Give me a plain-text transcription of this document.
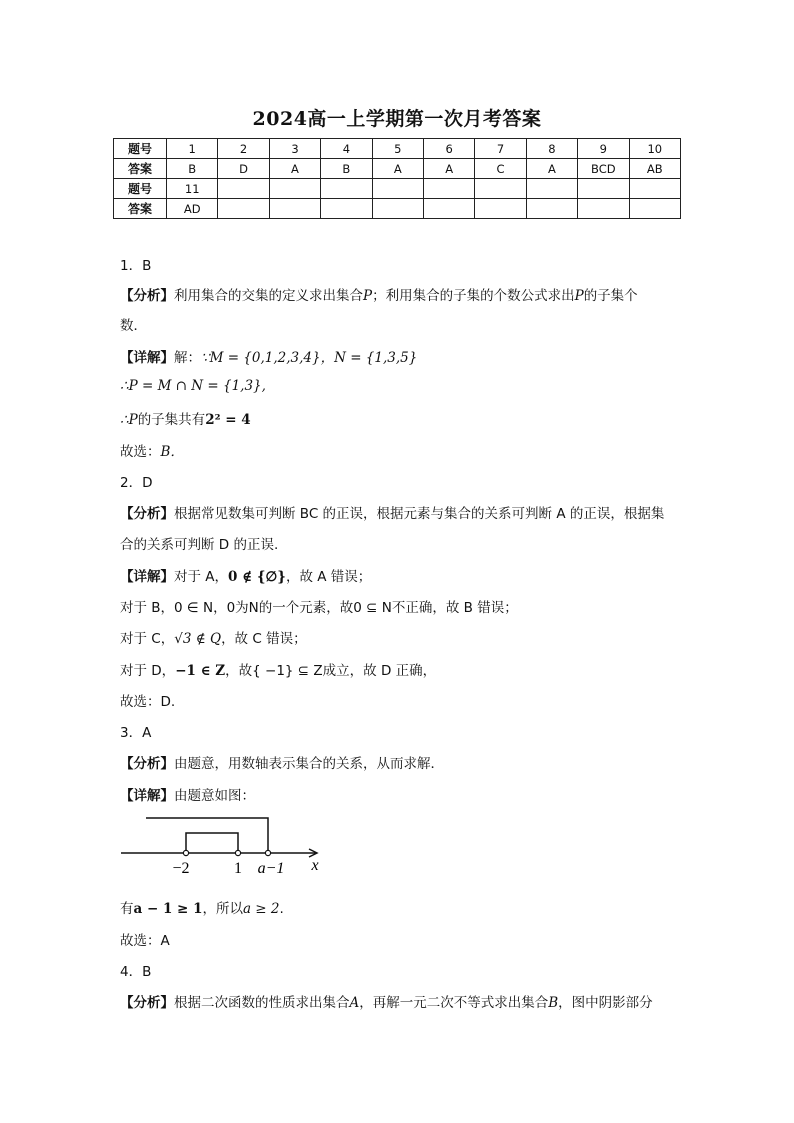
2024高一上学期第一次月考答案
题号	1	2	3	4	5	6	7	8	9	10
答案	B	D	A	B	A	A	C	A	BCD	AB
题号	11									
答案	AD									
1．B
【分析】利用集合的交集的定义求出集合P；利用集合的子集的个数公式求出P的子集个
数．
【详解】解：∵M = {0,1,2,3,4}，N = {1,3,5}
∴P = M ∩ N = {1,3},
∴P的子集共有2² = 4
故选：B．
2．D
【分析】根据常见数集可判断 BC 的正误，根据元素与集合的关系可判断 A 的正误，根据集
合的关系可判断 D 的正误.
【详解】对于 A，0 ∉ {∅}，故 A 错误；
对于 B，0 ∈ N，0为N的一个元素，故0 ⊆ N不正确，故 B 错误；
对于 C，√3 ∉ Q，故 C 错误；
对于 D，−1 ∈ Z，故{ −1} ⊆ Z成立，故 D 正确，
故选：D.
3．A
【分析】由题意，用数轴表示集合的关系，从而求解．
【详解】由题意如图：
−2	1 a−1 x
有a − 1 ≥ 1，所以a ≥ 2.
故选：A
4．B
【分析】根据二次函数的性质求出集合A，再解一元二次不等式求出集合B，图中阴影部分
